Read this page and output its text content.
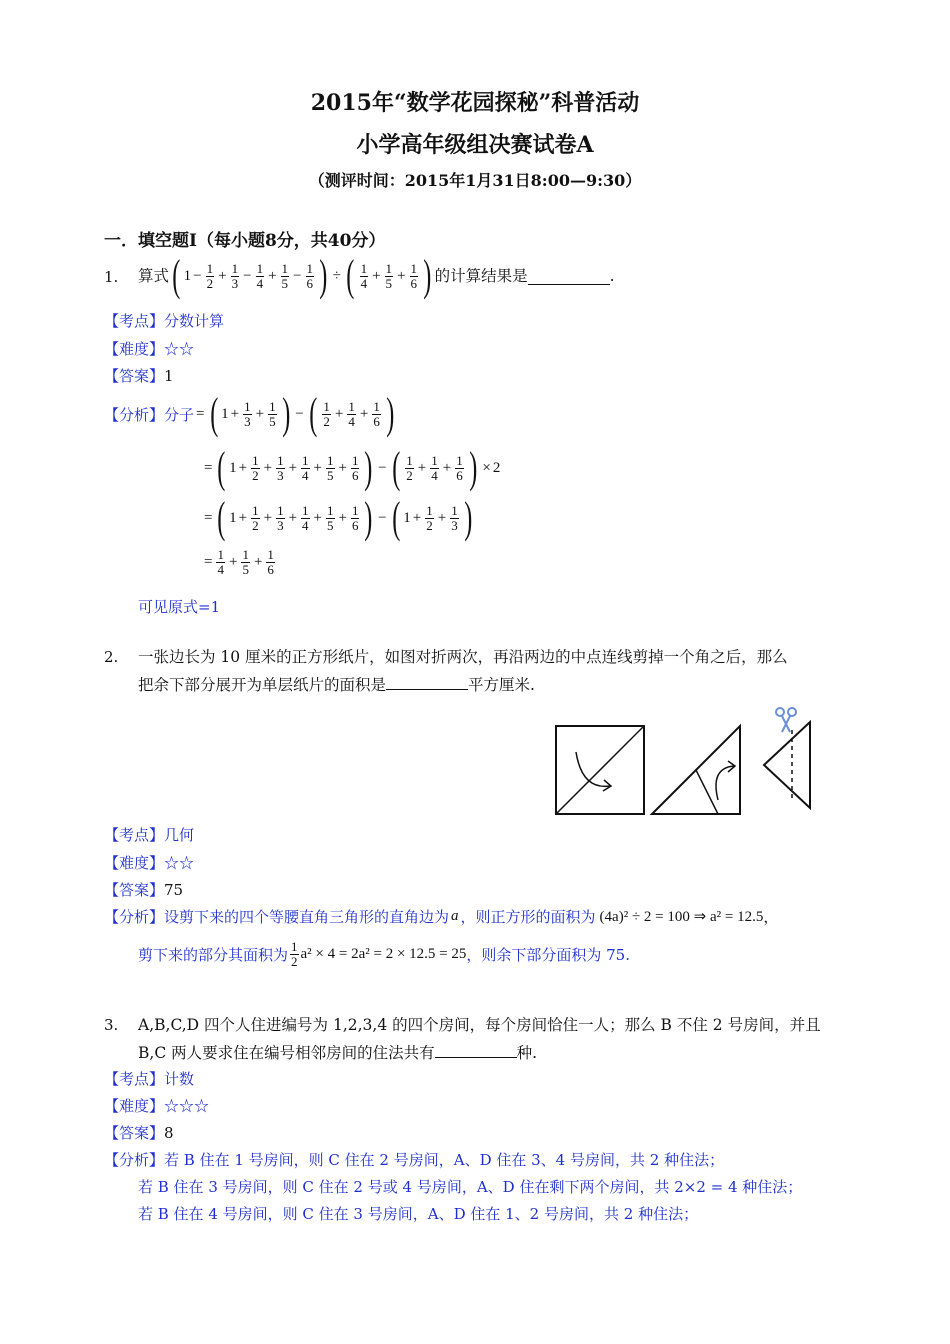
2015年“数学花园探秘”科普活动
小学高年级组决赛试卷A
（测评时间：2015年1月31日8:00—9:30）
一．填空题Ⅰ（每小题8分，共40分）
1. 算式 ( $1 - \frac{1}{2} + \frac{1}{3} - \frac{1}{4} + \frac{1}{5} - \frac{1}{6}$ ) ÷ ( $\frac{1}{4} + \frac{1}{5} + \frac{1}{6}$ ) 的计算结果是	.
【考点】分数计算
【难度】☆☆
【答案】1
【分析】 分子 = ( $1 + \frac{1}{3} + \frac{1}{5}$ ) − ( $\frac{1}{2} + \frac{1}{4} + \frac{1}{6}$ )
= ( $1 + \frac{1}{2} + \frac{1}{3} + \frac{1}{4} + \frac{1}{5} + \frac{1}{6}$ ) − ( $\frac{1}{2} + \frac{1}{4} + \frac{1}{6}$ ) × 2
= ( $1 + \frac{1}{2} + \frac{1}{3} + \frac{1}{4} + \frac{1}{5} + \frac{1}{6}$ ) − ( $1 + \frac{1}{2} + \frac{1}{3}$ )
= $\frac{1}{4} + \frac{1}{5} + \frac{1}{6}$
可见原式=1
2. 一张边长为 10 厘米的正方形纸片，如图对折两次，再沿两边的中点连线剪掉一个角之后，那么
把余下部分展开为单层纸片的面积是	平方厘米.
【考点】几何
【难度】☆☆
【答案】75
【分析】 设剪下来的四个等腰直角三角形的直角边为 a ，则正方形的面积为 (4a)² ÷ 2 = 100 ⇒ a² = 12.5 ，
剪下来的部分其面积为 $\frac{1}{2} a^2 \times 4 = 2a^2 = 2 \times 12.5 = 25$ ，则余下部分面积为 75.
3. A,B,C,D 四个人住进编号为 1,2,3,4 的四个房间，每个房间恰住一人；那么 B 不住 2 号房间，并且
B,C 两人要求住在编号相邻房间的住法共有	种.
【考点】计数
【难度】☆☆☆
【答案】8
【分析】若 B 住在 1 号房间，则 C 住在 2 号房间，A、D 住在 3、4 号房间，共 2 种住法；
若 B 住在 3 号房间，则 C 住在 2 号或 4 号房间，A、D 住在剩下两个房间，共 2×2 = 4 种住法；
若 B 住在 4 号房间，则 C 住在 3 号房间，A、D 住在 1、2 号房间，共 2 种住法；
